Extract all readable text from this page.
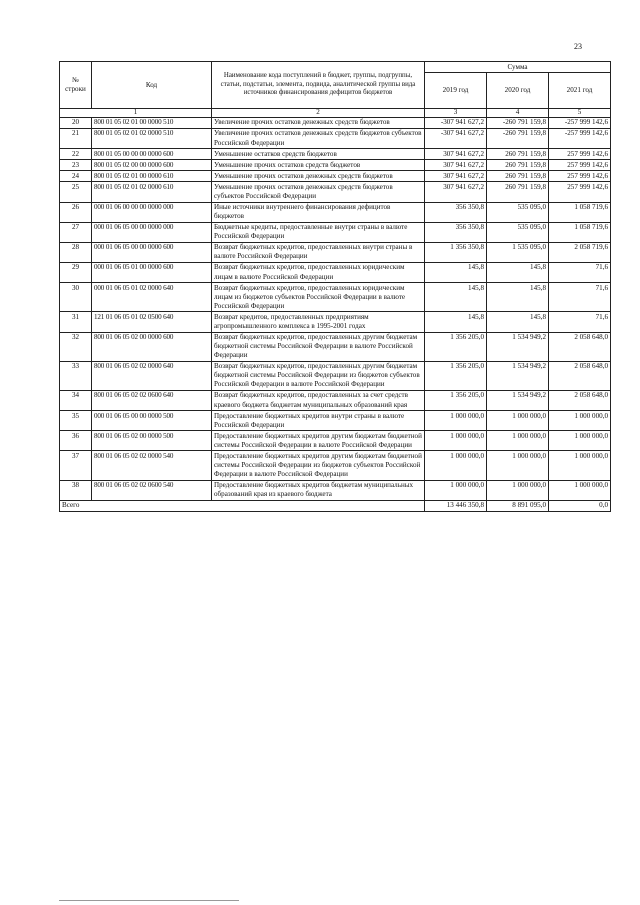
23
№ строки	Код	Наименование кода поступлений в бюджет, группы, подгруппы, статьи, подстатьи, элемента, подвида, аналитической группы вида источников финансирования дефицитов бюджетов	Сумма		
			2019 год	2020 год	2021 год
1		2	3	4	5
20	800 01 05 02 01 00 0000 510	Увеличение прочих остатков денежных средств бюджетов	-307 941 627,2	-260 791 159,8	-257 999 142,6
21	800 01 05 02 01 02 0000 510	Увеличение прочих остатков денежных средств бюджетов субъектов Российской Федерации	-307 941 627,2	-260 791 159,8	-257 999 142,6
22	800 01 05 00 00 00 0000 600	Уменьшение остатков средств бюджетов	307 941 627,2	260 791 159,8	257 999 142,6
23	800 01 05 02 00 00 0000 600	Уменьшение прочих остатков средств бюджетов	307 941 627,2	260 791 159,8	257 999 142,6
24	800 01 05 02 01 00 0000 610	Уменьшение прочих остатков денежных средств бюджетов	307 941 627,2	260 791 159,8	257 999 142,6
25	800 01 05 02 01 02 0000 610	Уменьшение прочих остатков денежных средств бюджетов субъектов Российской Федерации	307 941 627,2	260 791 159,8	257 999 142,6
26	000 01 06 00 00 00 0000 000	Иные источники внутреннего финансирования дефицитов бюджетов	356 350,8	535 095,0	1 058 719,6
27	000 01 06 05 00 00 0000 000	Бюджетные кредиты, предоставленные внутри страны в валюте Российской Федерации	356 350,8	535 095,0	1 058 719,6
28	000 01 06 05 00 00 0000 600	Возврат бюджетных кредитов, предоставленных внутри страны в валюте Российской Федерации	1 356 350,8	1 535 095,0	2 058 719,6
29	000 01 06 05 01 00 0000 600	Возврат бюджетных кредитов, предоставленных юридическим лицам в валюте Российской Федерации	145,8	145,8	71,6
30	000 01 06 05 01 02 0000 640	Возврат бюджетных кредитов, предоставленных юридическим лицам из бюджетов субъектов Российской Федерации в валюте Российской Федерации	145,8	145,8	71,6
31	121 01 06 05 01 02 0500 640	Возврат кредитов, предоставленных предприятиям агропромышленного комплекса в 1995-2001 годах	145,8	145,8	71,6
32	800 01 06 05 02 00 0000 600	Возврат бюджетных кредитов, предоставленных другим бюджетам бюджетной системы Российской Федерации в валюте Российской Федерации	1 356 205,0	1 534 949,2	2 058 648,0
33	800 01 06 05 02 02 0000 640	Возврат бюджетных кредитов, предоставленных другим бюджетам бюджетной системы Российской Федерации из бюджетов субъектов Российской Федерации в валюте Российской Федерации	1 356 205,0	1 534 949,2	2 058 648,0
34	800 01 06 05 02 02 0600 640	Возврат бюджетных кредитов, предоставленных за счет средств краевого бюджета бюджетам муниципальных образований края	1 356 205,0	1 534 949,2	2 058 648,0
35	000 01 06 05 00 00 0000 500	Предоставление бюджетных кредитов внутри страны в валюте Российской Федерации	1 000 000,0	1 000 000,0	1 000 000,0
36	800 01 06 05 02 00 0000 500	Предоставление бюджетных кредитов другим бюджетам бюджетной системы Российской Федерации в валюте Российской Федерации	1 000 000,0	1 000 000,0	1 000 000,0
37	800 01 06 05 02 02 0000 540	Предоставление бюджетных кредитов другим бюджетам бюджетной системы Российской Федерации из бюджетов субъектов Российской Федерации в валюте Российской Федерации	1 000 000,0	1 000 000,0	1 000 000,0
38	800 01 06 05 02 02 0600 540	Предоставление бюджетных кредитов бюджетам муниципальных образований края из краевого бюджета	1 000 000,0	1 000 000,0	1 000 000,0
Всего			13 446 350,8	8 891 095,0	0,0
